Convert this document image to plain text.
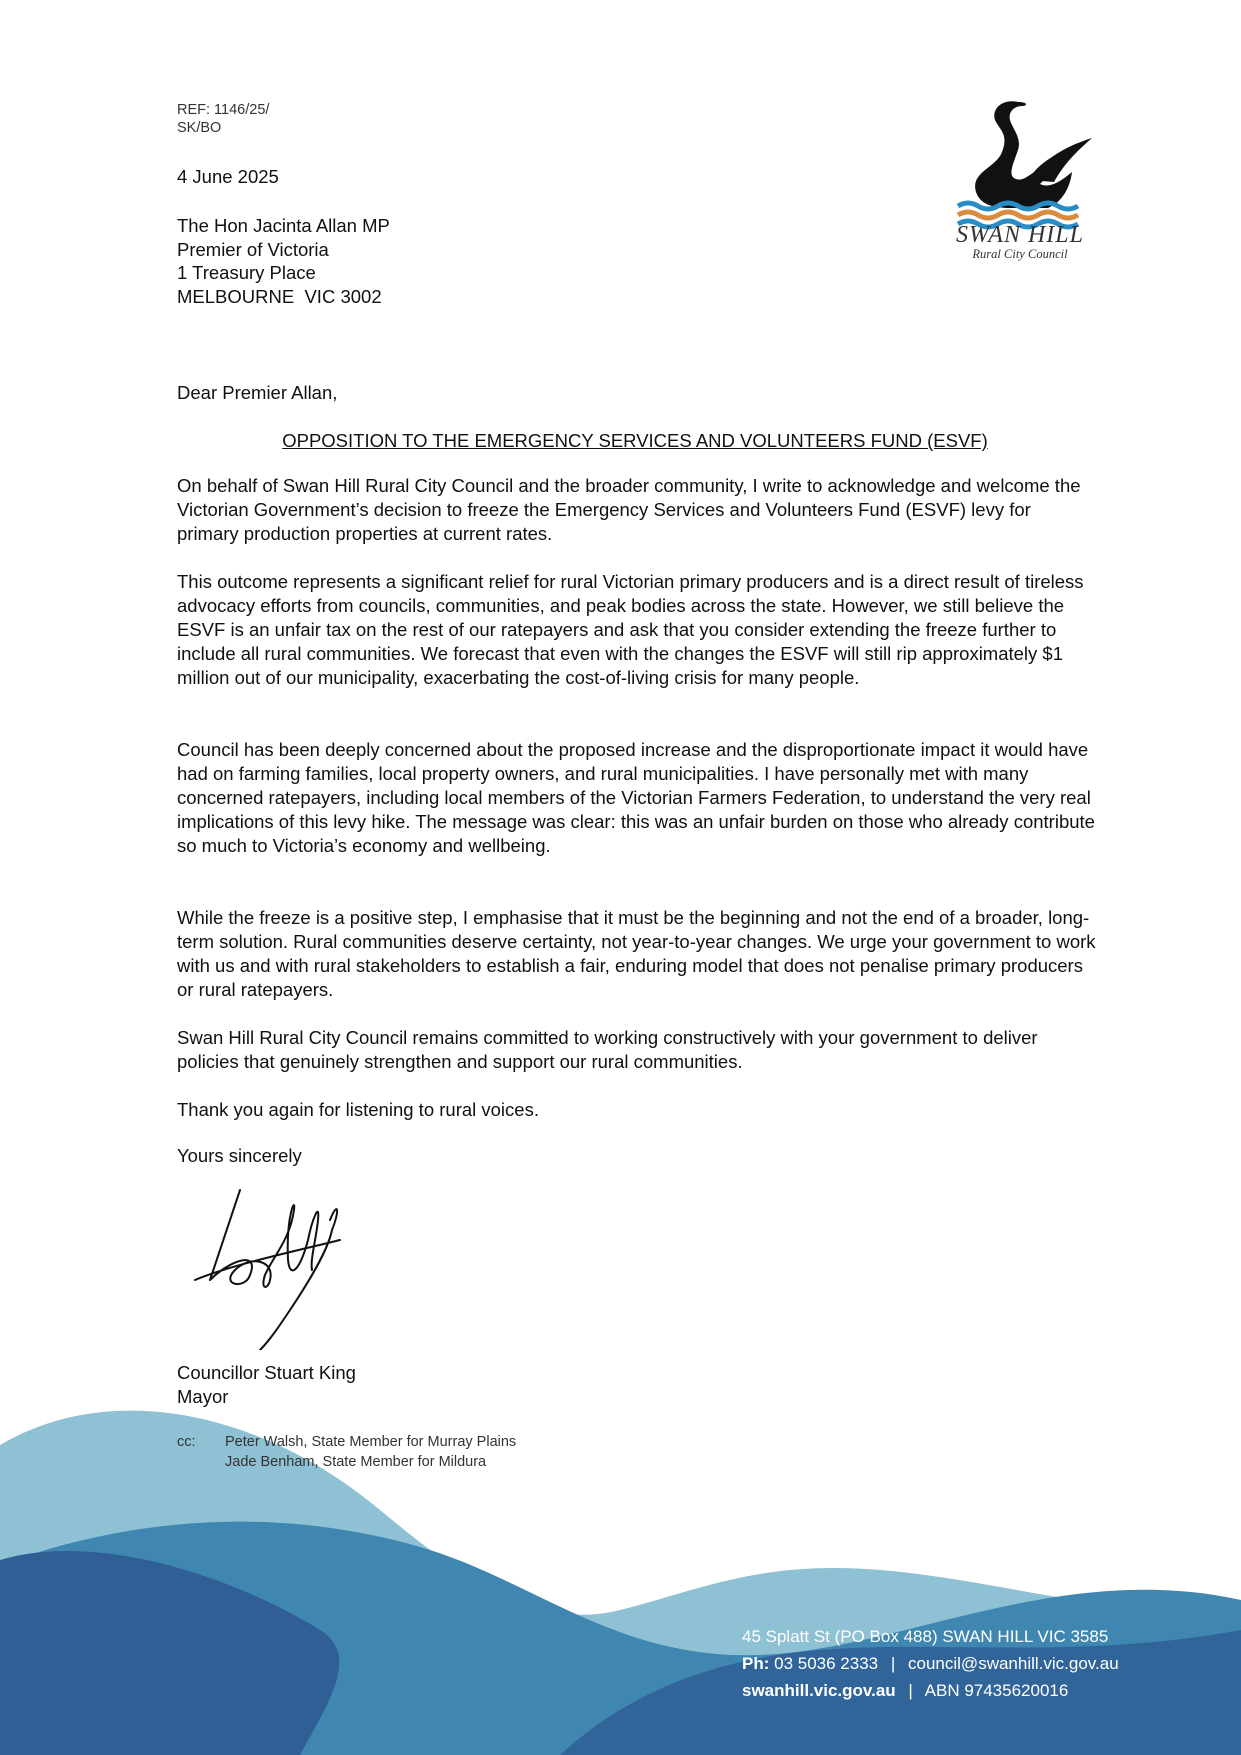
REF: 1146/25/
SK/BO
4 June 2025
The Hon Jacinta Allan MP
Premier of Victoria
1 Treasury Place
MELBOURNE  VIC 3002
SWAN HILL
Rural City Council
Dear Premier Allan,
OPPOSITION TO THE EMERGENCY SERVICES AND VOLUNTEERS FUND (ESVF)

On behalf of Swan Hill Rural City Council and the broader community, I write to acknowledge and welcome the Victorian Government’s decision to freeze the Emergency Services and Volunteers Fund (ESVF) levy for primary production properties at current rates.

This outcome represents a significant relief for rural Victorian primary producers and is a direct result of tireless advocacy efforts from councils, communities, and peak bodies across the state. However, we still believe the ESVF is an unfair tax on the rest of our ratepayers and ask that you consider extending the freeze further to include all rural communities. We forecast that even with the changes the ESVF will still rip approximately $1 million out of our municipality, exacerbating the cost-of-living crisis for many people.

Council has been deeply concerned about the proposed increase and the disproportionate impact it would have had on farming families, local property owners, and rural municipalities. I have personally met with many concerned ratepayers, including local members of the Victorian Farmers Federation, to understand the very real implications of this levy hike. The message was clear: this was an unfair burden on those who already contribute so much to Victoria’s economy and wellbeing.

While the freeze is a positive step, I emphasise that it must be the beginning and not the end of a broader, long-term solution. Rural communities deserve certainty, not year-to-year changes. We urge your government to work with us and with rural stakeholders to establish a fair, enduring model that does not penalise primary producers or rural ratepayers.

Swan Hill Rural City Council remains committed to working constructively with your government to deliver policies that genuinely strengthen and support our rural communities.

Thank you again for listening to rural voices.

Yours sincerely
Councillor Stuart King
Mayor
cc: Peter Walsh, State Member for Murray Plains
Jade Benham, State Member for Mildura
45 Splatt St (PO Box 488) SWAN HILL VIC 3585
Ph: 03 5036 2333 | council@swanhill.vic.gov.au
swanhill.vic.gov.au | ABN 97435620016
